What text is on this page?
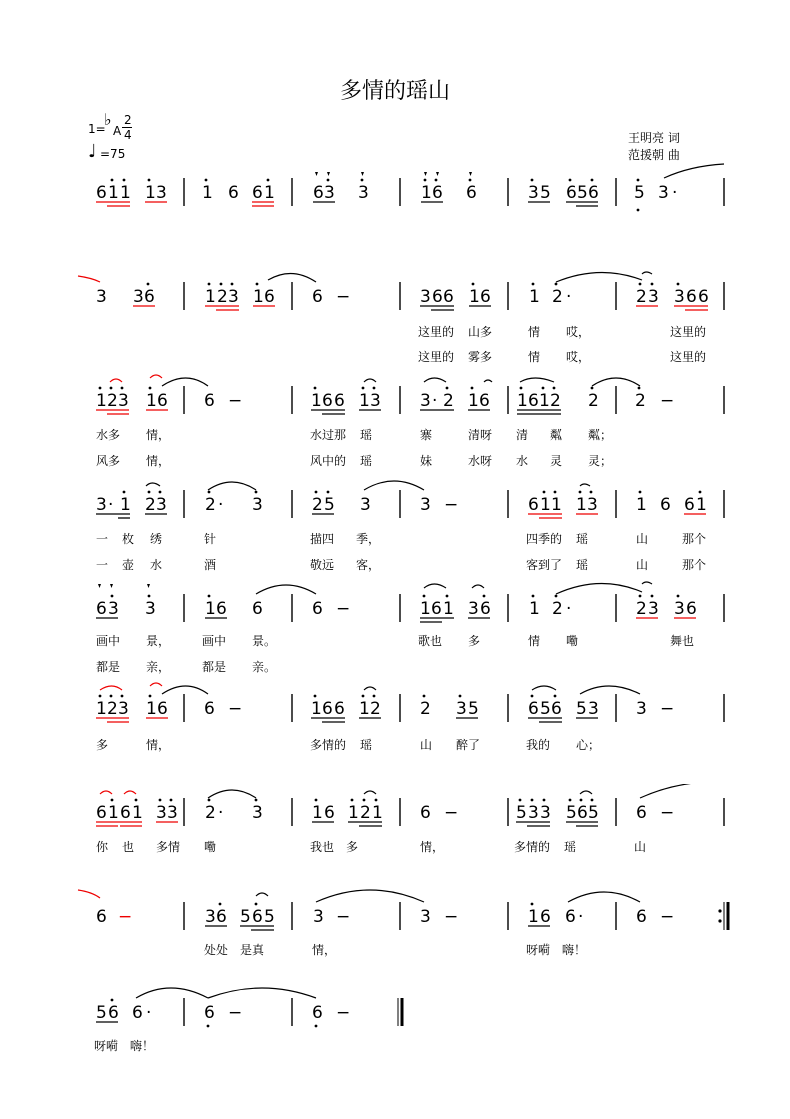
多情的瑶山
1=
♭
A
2
4
♩ =75
王明亮 词
范援朝 曲
6 1 1 1 3 1 6 6 1 6 3 3	1 6 6	3 5 6 5 6 5 3 ·
3 3 6	1 2 3 1 6 6 −	3 6 6 1 6 1 2 ·	2 3 3 6 6
这里的 山多	情 哎，	这里的
这里的 雾多	情 哎，	这里的
1 2 3 1 6 6 −	1 6 6 1 3 3 · 2 1 6 1 6 1 2 2 2 −
3 · 1 2 3 2 · 3	2 5 3	3 −	6 1 1 1 3 1 6 6 1
6 3 3	1 6 6	6 −	1 6 1 3 6 1 2 ·	2 3 3 6
1 2 3 1 6 6 −	1 6 6 1 2 2 3 5	6 5 6 5 3 3 −
6 1 6 1 3 3 2 · 3	1 6 1 2 1 6 −	5 3 3 5 6 5 6 −
6	3 6 5 6 5 3 −	3 −	1 6 6 ·	6 −
−
5 6 6 ·	6 −	6 −
水多 情，	水过那 瑶	寨	清呀 清 粼 粼；
风多 情，	风中的 瑶	妹	水呀 水 灵 灵；
一 枚 绣	针	描四 季，	四季的 瑶	山	那个
一 壶 水	酒	敬远 客，	客到了 瑶	山	那个
画中 景，	画中 景。	歌也 多	情 嘞	舞也
都是 亲，	都是 亲。
多	情，	多情的 瑶	山 醉了	我的 心；
你 也 多情 嘞	我也 多	情，	多情的 瑶	山
处处 是真	情，	呀嗬 嗨！
呀嗬 嗨！
